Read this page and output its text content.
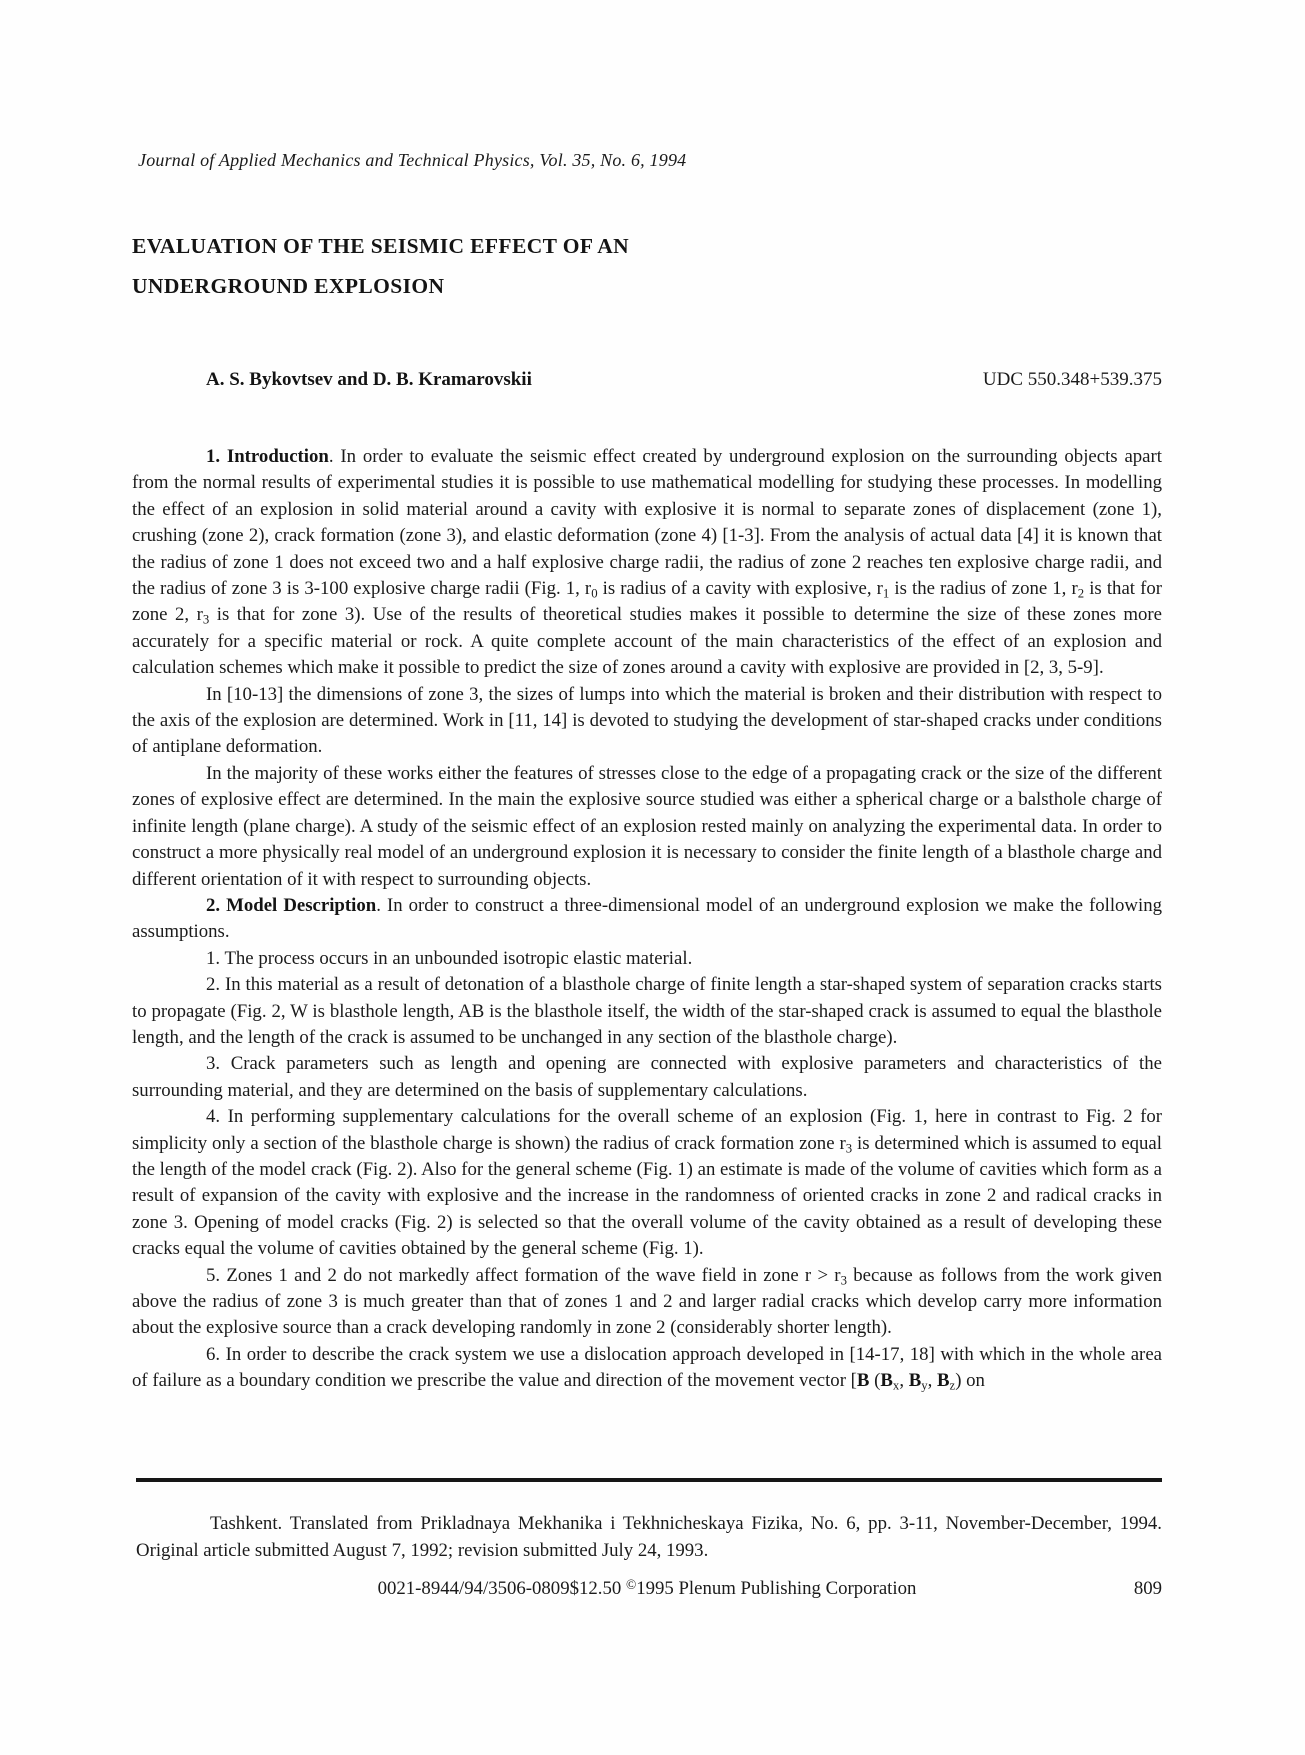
Journal of Applied Mechanics and Technical Physics, Vol. 35, No. 6, 1994
EVALUATION OF THE SEISMIC EFFECT OF AN
UNDERGROUND EXPLOSION
A. S. Bykovtsev and D. B. Kramarovskii	UDC 550.348+539.375

1. Introduction. In order to evaluate the seismic effect created by underground explosion on the surrounding objects apart from the normal results of experimental studies it is possible to use mathematical modelling for studying these processes. In modelling the effect of an explosion in solid material around a cavity with explosive it is normal to separate zones of displacement (zone 1), crushing (zone 2), crack formation (zone 3), and elastic deformation (zone 4) [1-3]. From the analysis of actual data [4] it is known that the radius of zone 1 does not exceed two and a half explosive charge radii, the radius of zone 2 reaches ten explosive charge radii, and the radius of zone 3 is 3-100 explosive charge radii (Fig. 1, $r_0$ is radius of a cavity with explosive, $r_1$ is the radius of zone 1, $r_2$ is that for zone 2, $r_3$ is that for zone 3). Use of the results of theoretical studies makes it possible to determine the size of these zones more accurately for a specific material or rock. A quite complete account of the main characteristics of the effect of an explosion and calculation schemes which make it possible to predict the size of zones around a cavity with explosive are provided in [2, 3, 5-9].

In [10-13] the dimensions of zone 3, the sizes of lumps into which the material is broken and their distribution with respect to the axis of the explosion are determined. Work in [11, 14] is devoted to studying the development of star-shaped cracks under conditions of antiplane deformation.

In the majority of these works either the features of stresses close to the edge of a propagating crack or the size of the different zones of explosive effect are determined. In the main the explosive source studied was either a spherical charge or a balsthole charge of infinite length (plane charge). A study of the seismic effect of an explosion rested mainly on analyzing the experimental data. In order to construct a more physically real model of an underground explosion it is necessary to consider the finite length of a blasthole charge and different orientation of it with respect to surrounding objects.

2. Model Description. In order to construct a three-dimensional model of an underground explosion we make the following assumptions.

1. The process occurs in an unbounded isotropic elastic material.

2. In this material as a result of detonation of a blasthole charge of finite length a star-shaped system of separation cracks starts to propagate (Fig. 2, W is blasthole length, AB is the blasthole itself, the width of the star-shaped crack is assumed to equal the blasthole length, and the length of the crack is assumed to be unchanged in any section of the blasthole charge).

3. Crack parameters such as length and opening are connected with explosive parameters and characteristics of the surrounding material, and they are determined on the basis of supplementary calculations.

4. In performing supplementary calculations for the overall scheme of an explosion (Fig. 1, here in contrast to Fig. 2 for simplicity only a section of the blasthole charge is shown) the radius of crack formation zone $r_3$ is determined which is assumed to equal the length of the model crack (Fig. 2). Also for the general scheme (Fig. 1) an estimate is made of the volume of cavities which form as a result of expansion of the cavity with explosive and the increase in the randomness of oriented cracks in zone 2 and radical cracks in zone 3. Opening of model cracks (Fig. 2) is selected so that the overall volume of the cavity obtained as a result of developing these cracks equal the volume of cavities obtained by the general scheme (Fig. 1).

5. Zones 1 and 2 do not markedly affect formation of the wave field in zone $r > r_3$ because as follows from the work given above the radius of zone 3 is much greater than that of zones 1 and 2 and larger radial cracks which develop carry more information about the explosive source than a crack developing randomly in zone 2 (considerably shorter length).

6. In order to describe the crack system we use a dislocation approach developed in [14-17, 18] with which in the whole area of failure as a boundary condition we prescribe the value and direction of the movement vector [B ($B_x$, $B_y$, $B_z$) on

Tashkent. Translated from Prikladnaya Mekhanika i Tekhnicheskaya Fizika, No. 6, pp. 3-11, November-December, 1994. Original article submitted August 7, 1992; revision submitted July 24, 1993.

0021-8944/94/3506-0809$12.50 ©1995 Plenum Publishing Corporation	809
